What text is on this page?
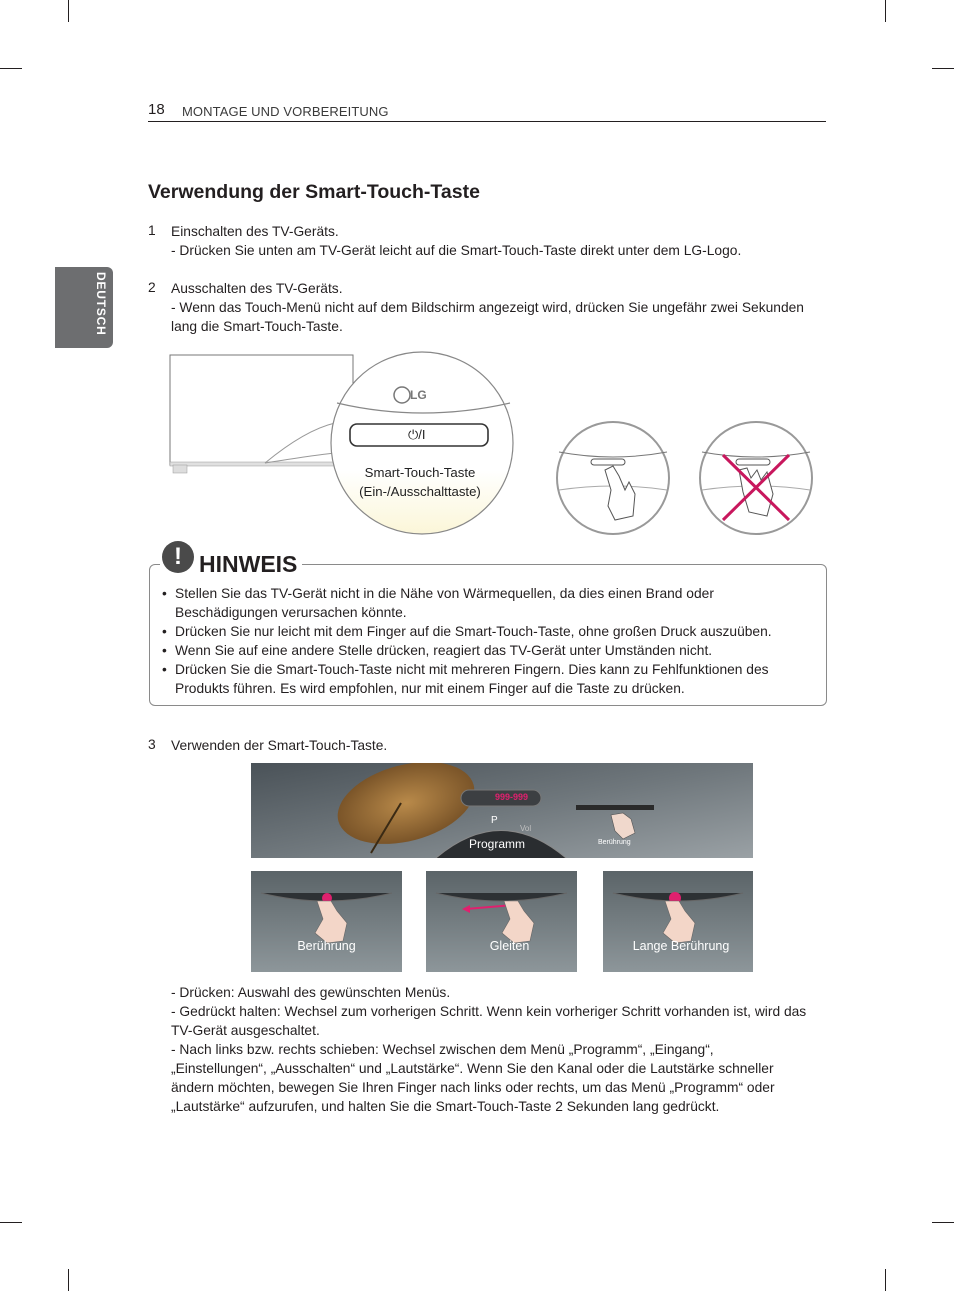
18 MONTAGE UND VORBEREITUNG
DEUTSCH
Verwendung der Smart-Touch-Taste
1 Einschalten des TV-Geräts.
- Drücken Sie unten am TV-Gerät leicht auf die Smart-Touch-Taste direkt unter dem LG-Logo.
2 Ausschalten des TV-Geräts.
- Wenn das Touch-Menü nicht auf dem Bildschirm angezeigt wird, drücken Sie ungefähr zwei Sekunden
lang die Smart-Touch-Taste.
LG
⏻/I
Smart-Touch-Taste
(Ein-/Ausschalttaste)
! HINWEIS
• Stellen Sie das TV-Gerät nicht in die Nähe von Wärmequellen, da dies einen Brand oder
Beschädigungen verursachen könnte.
• Drücken Sie nur leicht mit dem Finger auf die Smart-Touch-Taste, ohne großen Druck auszuüben.
• Wenn Sie auf eine andere Stelle drücken, reagiert das TV-Gerät unter Umständen nicht.
• Drücken Sie die Smart-Touch-Taste nicht mit mehreren Fingern. Dies kann zu Fehlfunktionen des
Produkts führen. Es wird empfohlen, nur mit einem Finger auf die Taste zu drücken.
3 Verwenden der Smart-Touch-Taste.
999-999
P
Vol
Programm	Berührung
Berührung	Gleiten	Lange Berührung
- Drücken: Auswahl des gewünschten Menüs.
- Gedrückt halten: Wechsel zum vorherigen Schritt. Wenn kein vorheriger Schritt vorhanden ist, wird das
TV-Gerät ausgeschaltet.
- Nach links bzw. rechts schieben: Wechsel zwischen dem Menü „Programm“, „Eingang“,
„Einstellungen“, „Ausschalten“ und „Lautstärke“. Wenn Sie den Kanal oder die Lautstärke schneller
ändern möchten, bewegen Sie Ihren Finger nach links oder rechts, um das Menü „Programm“ oder
„Lautstärke“ aufzurufen, und halten Sie die Smart-Touch-Taste 2 Sekunden lang gedrückt.
